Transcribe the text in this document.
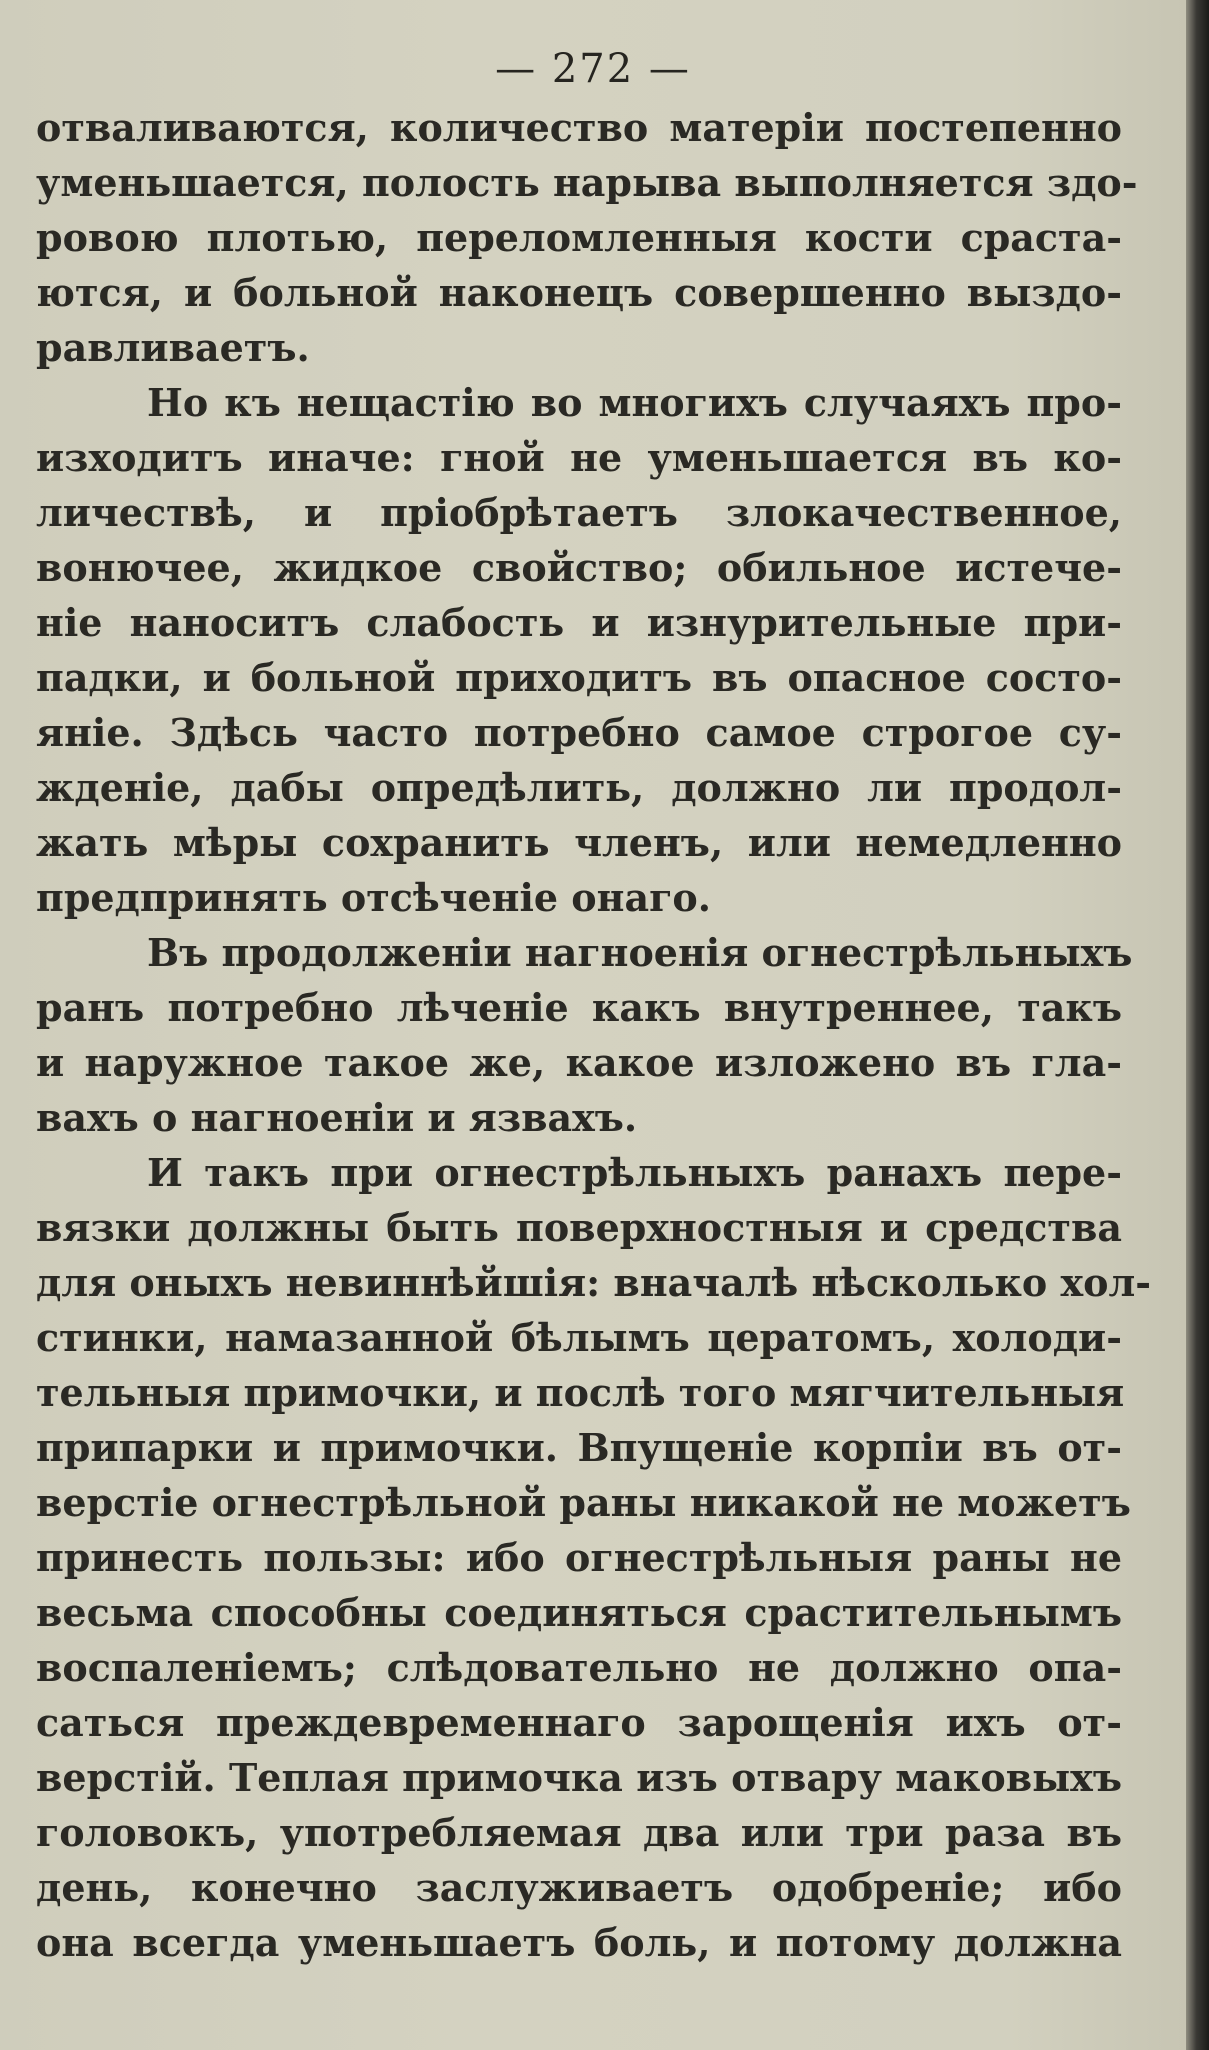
— 272 —
отваливаются, количество матеріи постепенно
уменьшается, полость нарыва выполняется здо-
ровою плотью, переломленныя кости сраста-
ются, и больной наконецъ совершенно выздо-
равливаетъ.
Но къ нещастію во многихъ случаяхъ про-
изходитъ иначе: гной не уменьшается въ ко-
личествѣ, и пріобрѣтаетъ злокачественное,
вонючее, жидкое свойство; обильное истече-
ніе наноситъ слабость и изнурительные при-
падки, и больной приходитъ въ опасное состо-
яніе. Здѣсь часто потребно самое строгое су-
жденіе, дабы опредѣлить, должно ли продол-
жать мѣры сохранить членъ, или немедленно
предпринять отсѣченіе онаго.
Въ продолженіи нагноенія огнестрѣльныхъ
ранъ потребно лѣченіе какъ внутреннее, такъ
и наружное такое же, какое изложено въ гла-
вахъ о нагноеніи и язвахъ.
И такъ при огнестрѣльныхъ ранахъ пере-
вязки должны быть поверхностныя и средства
для оныхъ невиннѣйшія: вначалѣ нѣсколько хол-
стинки, намазанной бѣлымъ цератомъ, холоди-
тельныя примочки, и послѣ того мягчительныя
припарки и примочки. Впущеніе корпіи въ от-
верстіе огнестрѣльной раны никакой не можетъ
принесть пользы: ибо огнестрѣльныя раны не
весьма способны соединяться срастительнымъ
воспаленіемъ; слѣдовательно не должно опа-
саться преждевременнаго зарощенія ихъ от-
верстій. Теплая примочка изъ отвару маковыхъ
головокъ, употребляемая два или три раза въ
день, конечно заслуживаетъ одобреніе; ибо
она всегда уменьшаетъ боль, и потому должна
